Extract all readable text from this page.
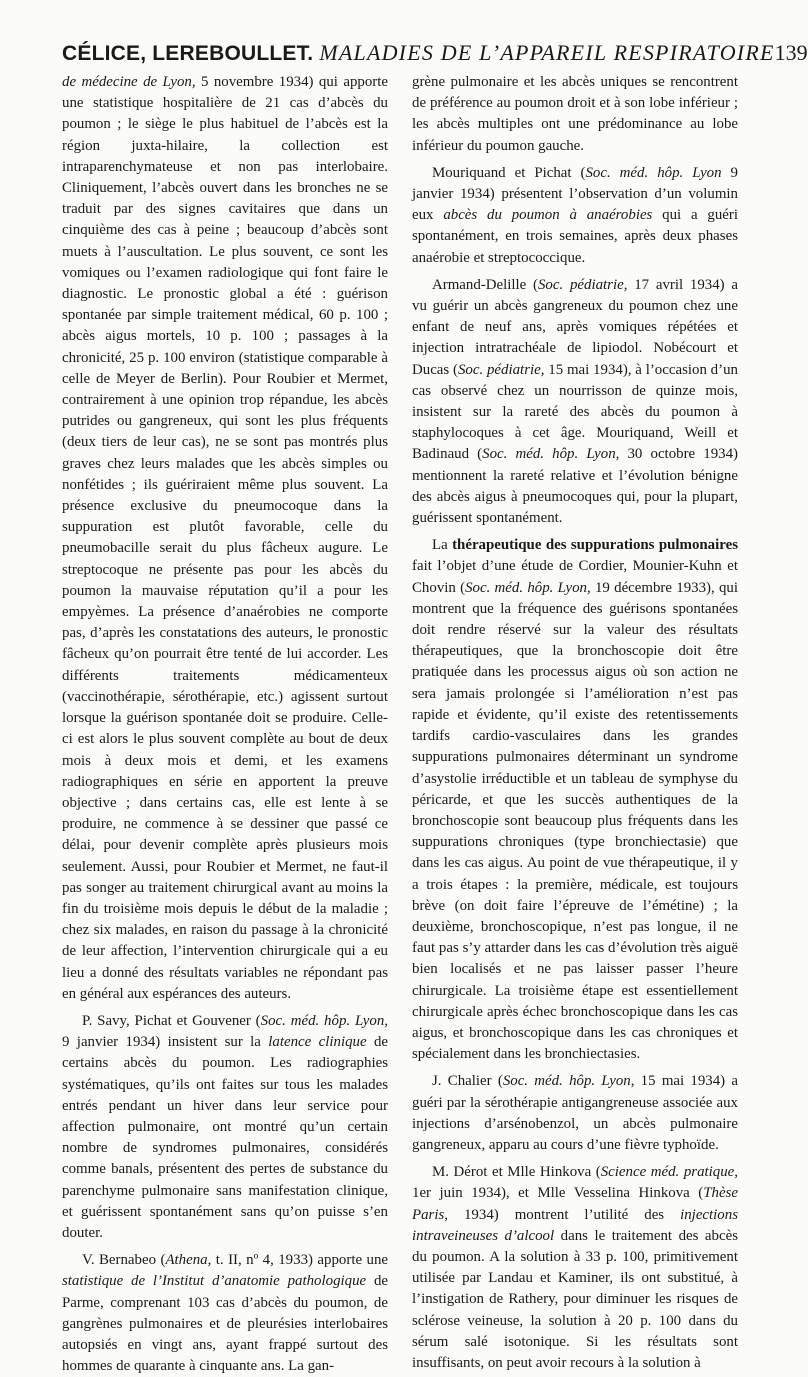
CÉLICE, LEREBOULLET. MALADIES DE L’APPAREIL RESPIRATOIRE 139

de médecine de Lyon, 5 novembre 1934) qui apporte une statistique hospitalière de 21 cas d’abcès du poumon ; le siège le plus habituel de l’abcès est la région juxta-hilaire, la collection est intraparenchymateuse et non pas interlobaire. Cliniquement, l’abcès ouvert dans les bronches ne se traduit par des signes cavitaires que dans un cinquième des cas à peine ; beaucoup d’abcès sont muets à l’auscultation. Le plus souvent, ce sont les vomiques ou l’examen radiologique qui font faire le diagnostic. Le pronostic global a été : guérison spontanée par simple traitement médical, 60 p. 100 ; abcès aigus mortels, 10 p. 100 ; passages à la chronicité, 25 p. 100 environ (statistique comparable à celle de Meyer de Berlin). Pour Roubier et Mermet, contrairement à une opinion trop répandue, les abcès putrides ou gangreneux, qui sont les plus fréquents (deux tiers de leur cas), ne se sont pas montrés plus graves chez leurs malades que les abcès simples ou nonfétides ; ils guériraient même plus souvent. La présence exclusive du pneumocoque dans la suppuration est plutôt favorable, celle du pneumobacille serait du plus fâcheux augure. Le streptocoque ne présente pas pour les abcès du poumon la mauvaise réputation qu’il a pour les empyèmes. La présence d’anaérobies ne comporte pas, d’après les constatations des auteurs, le pronostic fâcheux qu’on pourrait être tenté de lui accorder. Les différents traitements médicamenteux (vaccinothérapie, sérothérapie, etc.) agissent surtout lorsque la guérison spontanée doit se produire. Celle-ci est alors le plus souvent complète au bout de deux mois à deux mois et demi, et les examens radiographiques en série en apportent la preuve objective ; dans certains cas, elle est lente à se produire, ne commence à se dessiner que passé ce délai, pour devenir complète après plusieurs mois seulement. Aussi, pour Roubier et Mermet, ne faut-il pas songer au traitement chirurgical avant au moins la fin du troisième mois depuis le début de la maladie ; chez six malades, en raison du passage à la chronicité de leur affection, l’intervention chirurgicale qui a eu lieu a donné des résultats variables ne répondant pas en général aux espérances des auteurs.

P. Savy, Pichat et Gouvener (Soc. méd. hôp. Lyon, 9 janvier 1934) insistent sur la latence clinique de certains abcès du poumon. Les radiographies systématiques, qu’ils ont faites sur tous les malades entrés pendant un hiver dans leur service pour affection pulmonaire, ont montré qu’un certain nombre de syndromes pulmonaires, considérés comme banals, présentent des pertes de substance du parenchyme pulmonaire sans manifestation clinique, et guérissent spontanément sans qu’on puisse s’en douter.

V. Bernabeo (Athena, t. II, nº 4, 1933) apporte une statistique de l’Institut d’anatomie pathologique de Parme, comprenant 103 cas d’abcès du poumon, de gangrènes pulmonaires et de pleurésies interlobaires autopsiés en vingt ans, ayant frappé surtout des hommes de quarante à cinquante ans. La gan-

grène pulmonaire et les abcès uniques se rencontrent de préférence au poumon droit et à son lobe inférieur ; les abcès multiples ont une prédominance au lobe inférieur du poumon gauche.

Mouriquand et Pichat (Soc. méd. hôp. Lyon 9 janvier 1934) présentent l’observation d’un volumin eux abcès du poumon à anaérobies qui a guéri spontanément, en trois semaines, après deux phases anaérobie et streptococcique.

Armand-Delille (Soc. pédiatrie, 17 avril 1934) a vu guérir un abcès gangreneux du poumon chez une enfant de neuf ans, après vomiques répétées et injection intratrachéale de lipiodol. Nobécourt et Ducas (Soc. pédiatrie, 15 mai 1934), à l’occasion d’un cas observé chez un nourrisson de quinze mois, insistent sur la rareté des abcès du poumon à staphylocoques à cet âge. Mouriquand, Weill et Badinaud (Soc. méd. hôp. Lyon, 30 octobre 1934) mentionnent la rareté relative et l’évolution bénigne des abcès aigus à pneumocoques qui, pour la plupart, guérissent spontanément.

La thérapeutique des suppurations pulmonaires fait l’objet d’une étude de Cordier, Mounier-Kuhn et Chovin (Soc. méd. hôp. Lyon, 19 décembre 1933), qui montrent que la fréquence des guérisons spontanées doit rendre réservé sur la valeur des résultats thérapeutiques, que la bronchoscopie doit être pratiquée dans les processus aigus où son action ne sera jamais prolongée si l’amélioration n’est pas rapide et évidente, qu’il existe des retentissements tardifs cardio-vasculaires dans les grandes suppurations pulmonaires déterminant un syndrome d’asystolie irréductible et un tableau de symphyse du péricarde, et que les succès authentiques de la bronchoscopie sont beaucoup plus fréquents dans les suppurations chroniques (type bronchiectasie) que dans les cas aigus. Au point de vue thérapeutique, il y a trois étapes : la première, médicale, est toujours brève (on doit faire l’épreuve de l’émétine) ; la deuxième, bronchoscopique, n’est pas longue, il ne faut pas s’y attarder dans les cas d’évolution très aiguë bien localisés et ne pas laisser passer l’heure chirurgicale. La troisième étape est essentiellement chirurgicale après échec bronchoscopique dans les cas aigus, et bronchoscopique dans les cas chroniques et spécialement dans les bronchiectasies.

J. Chalier (Soc. méd. hôp. Lyon, 15 mai 1934) a guéri par la sérothérapie antigangreneuse associée aux injections d’arsénobenzol, un abcès pulmonaire gangreneux, apparu au cours d’une fièvre typhoïde.

M. Dérot et Mlle Hinkova (Science méd. pratique, 1er juin 1934), et Mlle Vesselina Hinkova (Thèse Paris, 1934) montrent l’utilité des injections intraveineuses d’alcool dans le traitement des abcès du poumon. A la solution à 33 p. 100, primitivement utilisée par Landau et Kaminer, ils ont substitué, à l’instigation de Rathery, pour diminuer les risques de sclérose veineuse, la solution à 20 p. 100 dans du sérum salé isotonique. Si les résultats sont insuffisants, on peut avoir recours à la solution à
